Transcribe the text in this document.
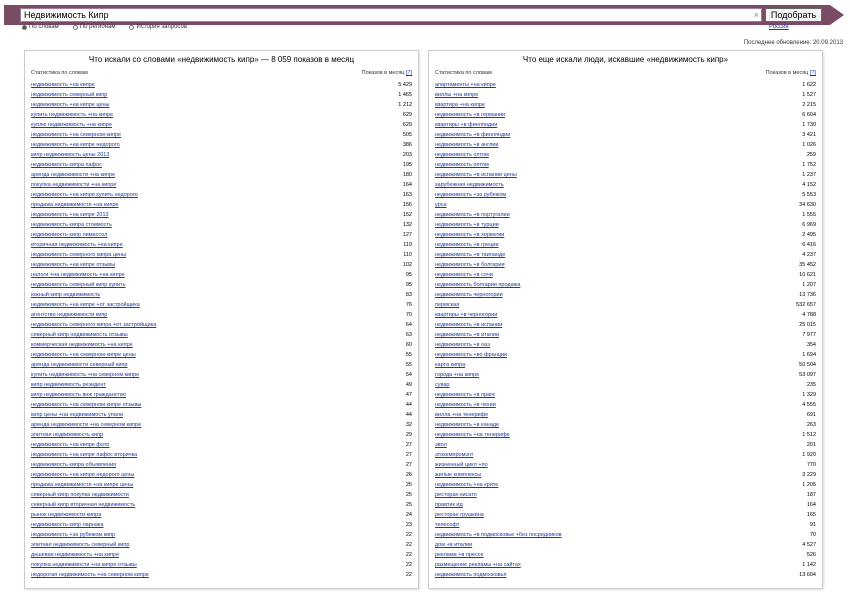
Недвижимость Кипр	×	Подобрать
По словам	По регионам	История запросов	Россия
Последнее обновление: 20.09.2013
Что искали со словами «недвижимость кипр» — 8 059 показов в месяц
Статистика по словам	Показов в месяц [?]
недвижимость +на кипре	5 429
недвижимость северный кипр	1 465
недвижимость +на кипре цены	1 212
купить недвижимость +на кипре	629
куплю недвижимость +на кипре	629
недвижимость +на северном кипре	505
недвижимость +на кипре недорого	386
кипр недвижимость цены 2013	203
недвижимость кипра пафос	195
аренда недвижимости +на кипре	180
покупка недвижимости +на кипре	164
недвижимость +на кипре купить недорого	163
продажа недвижимости +на кипре	156
недвижимость +на кипре 2013	152
недвижимость кипра стоимость	132
недвижимость кипр лимассол	127
вторичная недвижимость +на кипре	119
недвижимость северного кипра цены	110
недвижимость +на кипре отзывы	102
налоги +на недвижимость +на кипре	95
недвижимость северный кипр купить	95
южный кипр недвижимость	83
недвижимость +на кипре +от застройщика	76
агентство недвижимости кипр	70
недвижимость северного кипра +от застройщика	64
северный кипр недвижимость отзывы	63
коммерческая недвижимость +на кипре	60
недвижимость +на северном кипре цены	55
аренда недвижимости северный кипр	55
купить недвижимость +на северном кипре	54
кипр недвижимость резидент	49
кипр недвижимость внж гражданство	47
недвижимость +на северном кипре отзывы	44
кипр цены +на недвижимость упали	44
аренда недвижимости +на северном кипре	32
элитная недвижимость кипр	29
недвижимость +на кипре фото	27
недвижимость +на кипре пафос вторичка	27
недвижимость кипра объявления	27
недвижимость +на кипре недорого цены	26
продажа недвижимости +на кипре цены	25
северный кипр покупка недвижимости	25
северный кипр вторичная недвижимость	25
рынок недвижимости кипра	24
недвижимость кипр ларнака	23
недвижимость +за рубежом кипр	22
элитная недвижимость северный кипр	22
дешевая недвижимость +на кипре	22
покупка недвижимости +на кипре отзывы	22
недорогая недвижимость +на северном кипре	22
Что еще искали люди, искавшие «недвижимость кипр»
Статистика по словам	Показов в месяц [?]
апартаменты +на кипре	1 622
виллы +на кипре	1 527
квартира +на кипре	2 215
недвижимость +в германии	6 604
квартиры +в финляндии	1 730
недвижимость +в финляндии	3 421
недвижимость +в англии	1 026
недвижимость оптом	259
недвижимость оптом	1 752
недвижимость +в испании цены	1 237
зарубежная недвижимость	4 152
недвижимость +за рубежом	5 553
урса	34 630
недвижимость +в португалии	1 555
недвижимость +в турции	6 969
недвижимость +в хорватии	2 495
недвижимость +в греции	6 416
недвижимость +в таиланде	4 237
недвижимость +в болгарии	35 452
недвижимость +в сочи	10 621
недвижимость болгарии продажа	1 207
недвижимость черногории	13 736
пермская	532 657
квартиры +в черногории	4 788
недвижимость +в испании	25 015
недвижимость +в италии	7 977
недвижимость +в оаэ	354
недвижимость +во франции	1 694
карта кипра	50 504
города +на кипре	53 097
сувар	235
недвижимость +в праге	1 329
недвижимость +в чехии	4 555
вилла +на тенерифе	691
недвижимость +в канаде	263
недвижимость +на тенерифе	1 512
эвол	201
этокемпромзнт	1 920
жизненный цикл +по	770
жилые комплексы	3 229
недвижимость +на крите	1 205
ресторан кисато	187
правтик ид	164
ресторан грушкина	165
телесофт	91
недвижимость +в подмосковье +без посредников	70
дом +в италии	4 527
реклама +в прессе	526
размещение рекламы +на сайтах	1 142
недвижимость подмосковья	13 604
